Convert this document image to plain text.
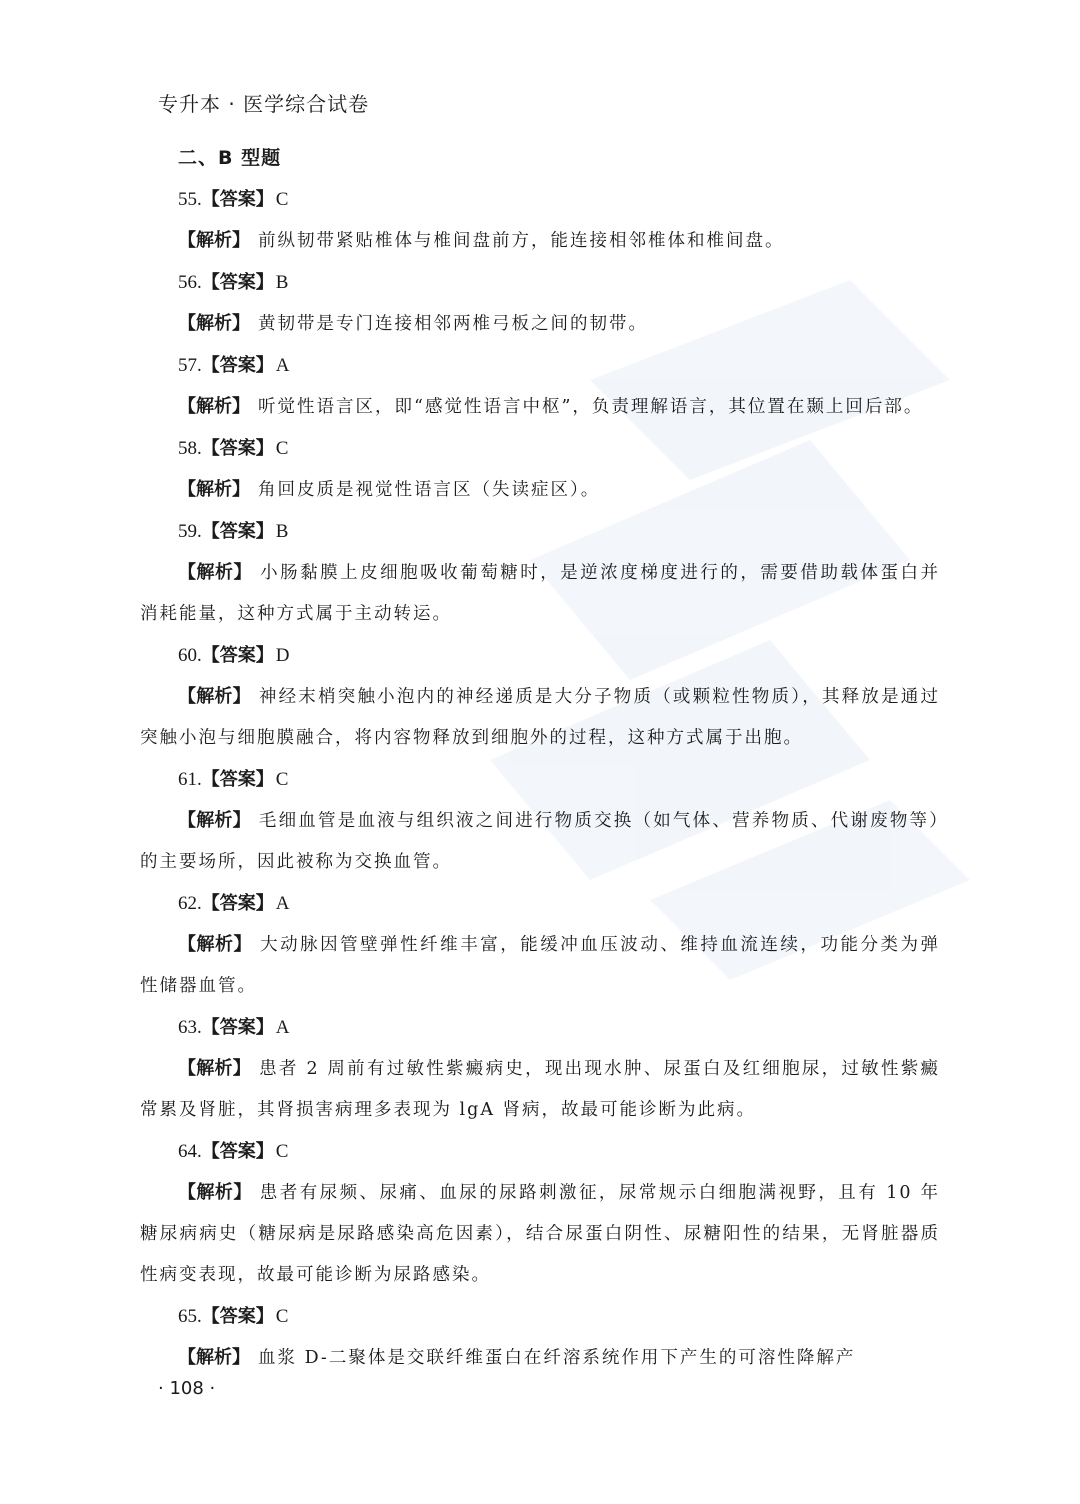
专升本 · 医学综合试卷
二、B 型题
55.【答案】 C

【解析】 前纵韧带紧贴椎体与椎间盘前方，能连接相邻椎体和椎间盘。

56.【答案】 B

【解析】 黄韧带是专门连接相邻两椎弓板之间的韧带。

57.【答案】 A

【解析】 听觉性语言区，即“感觉性语言中枢”，负责理解语言，其位置在颞上回后部。

58.【答案】 C

【解析】 角回皮质是视觉性语言区（失读症区）。

59.【答案】 B

【解析】 小肠黏膜上皮细胞吸收葡萄糖时，是逆浓度梯度进行的，需要借助载体蛋白并消耗能量，这种方式属于主动转运。

60.【答案】 D

【解析】 神经末梢突触小泡内的神经递质是大分子物质（或颗粒性物质），其释放是通过突触小泡与细胞膜融合，将内容物释放到细胞外的过程，这种方式属于出胞。

61.【答案】 C

【解析】 毛细血管是血液与组织液之间进行物质交换（如气体、营养物质、代谢废物等）的主要场所，因此被称为交换血管。

62.【答案】 A

【解析】 大动脉因管壁弹性纤维丰富，能缓冲血压波动、维持血流连续，功能分类为弹性储器血管。

63.【答案】 A

【解析】 患者 2 周前有过敏性紫癜病史，现出现水肿、尿蛋白及红细胞尿，过敏性紫癜常累及肾脏，其肾损害病理多表现为 lgA 肾病，故最可能诊断为此病。

64.【答案】 C

【解析】 患者有尿频、尿痛、血尿的尿路刺激征，尿常规示白细胞满视野，且有 10 年糖尿病病史（糖尿病是尿路感染高危因素），结合尿蛋白阴性、尿糖阳性的结果，无肾脏器质性病变表现，故最可能诊断为尿路感染。

65.【答案】 C

【解析】 血浆 D-二聚体是交联纤维蛋白在纤溶系统作用下产生的可溶性降解产

· 108 ·
